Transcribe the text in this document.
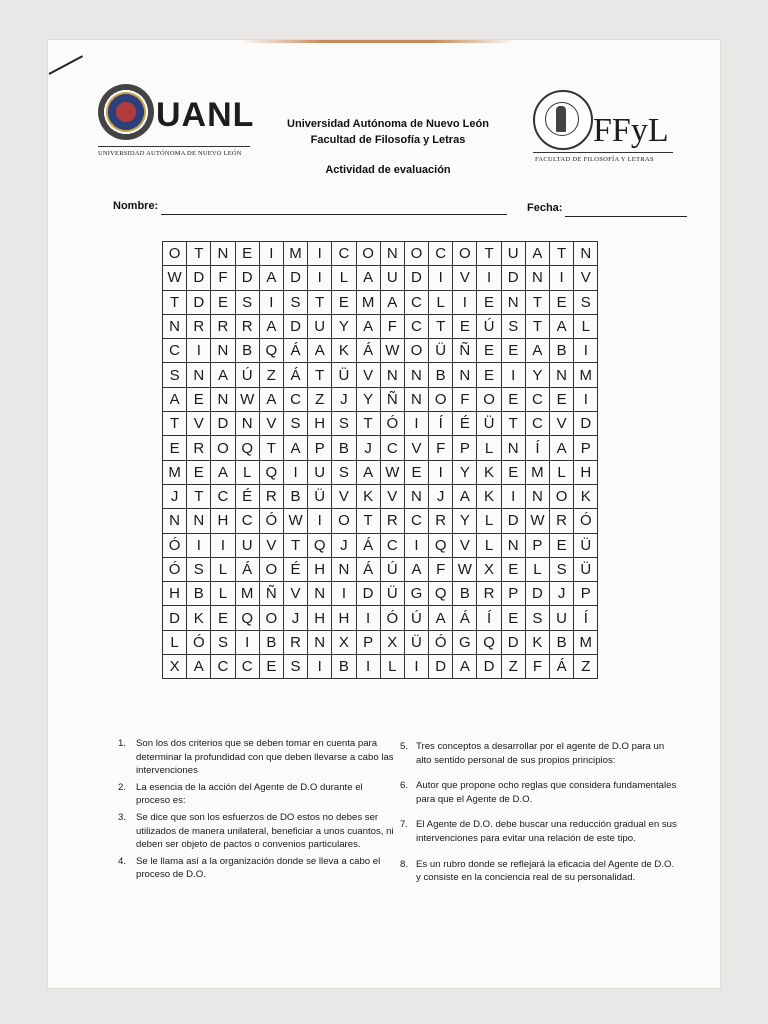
UANL
UNIVERSIDAD AUTÓNOMA DE NUEVO LEÓN
Universidad Autónoma de Nuevo León
Facultad de Filosofía y Letras
Actividad de evaluación
FFyL
FACULTAD DE FILOSOFÍA Y LETRAS
Nombre:	Fecha:
O T N E	I	M	I	C O N O C O T U A T N
W D F D A D	I	L	A U D	I	V	I	D N	I	V
T D E S	I	S T E M A C L	I	E N T E S
N R R R A D U Y A F C T E Ú S T A	L
C	I	N B Q Á A K Á W O Ü Ñ E E A B	I
S N A Ú Z Á T Ü V N N B N E	I	Y N M
A E N W A C Z	J	Y Ñ N O F O E C E	I
T V D N V S H S T Ó	I	Í	É Ü T C V D
E R O Q T A P B	J	C V F P	L N	Í	A P
M E A	L Q	I	U S A W E	I	Y K E M L H
J	T C É R B Ü V K V N	J	A K	I	N O K
N N H C Ó W	I	O T R C R Y	L D W R Ó
Ó	I	I	U V T Q J	Á C	I	Q V	L N P E Ü
Ó S	L	Á O É H N Á Ú A F W X E	L	S Ü
H B	L M Ñ V N	I	D Ü G Q B R P D	J	P
D K E Q O J	H H	I	Ó Ú A Á	Í	E S U	Í
L Ó S	I	B R N X P X Ü Ó G Q D K B M
X A C C E S	I	B	I	L	I	D A D Z	F Á Z
1.	Son los dos criterios que se deben tomar en cuenta para determinar la profundidad con que deben llevarse a cabo las intervenciones
2.	La esencia de la acción del Agente de D.O durante el proceso es:
3.	Se dice que son los esfuerzos de DO estos no debes ser utilizados de manera unilateral, beneficiar a unos cuantos, ni deben ser objeto de pactos o convenios particulares.
4.	Se le llama así a la organización donde se lleva a cabo el proceso de D.O.
5. Tres conceptos a desarrollar por el agente de D.O para un alto sentido personal de sus propios principios:
6. Autor que propone ocho reglas que considera fundamentales para que el Agente de D.O.
7. El Agente de D.O. debe buscar una reducción gradual en sus intervenciones para evitar una relación de este tipo.
8. Es un rubro donde se reflejará la eficacia del Agente de D.O. y consiste en la conciencia real de su personalidad.
